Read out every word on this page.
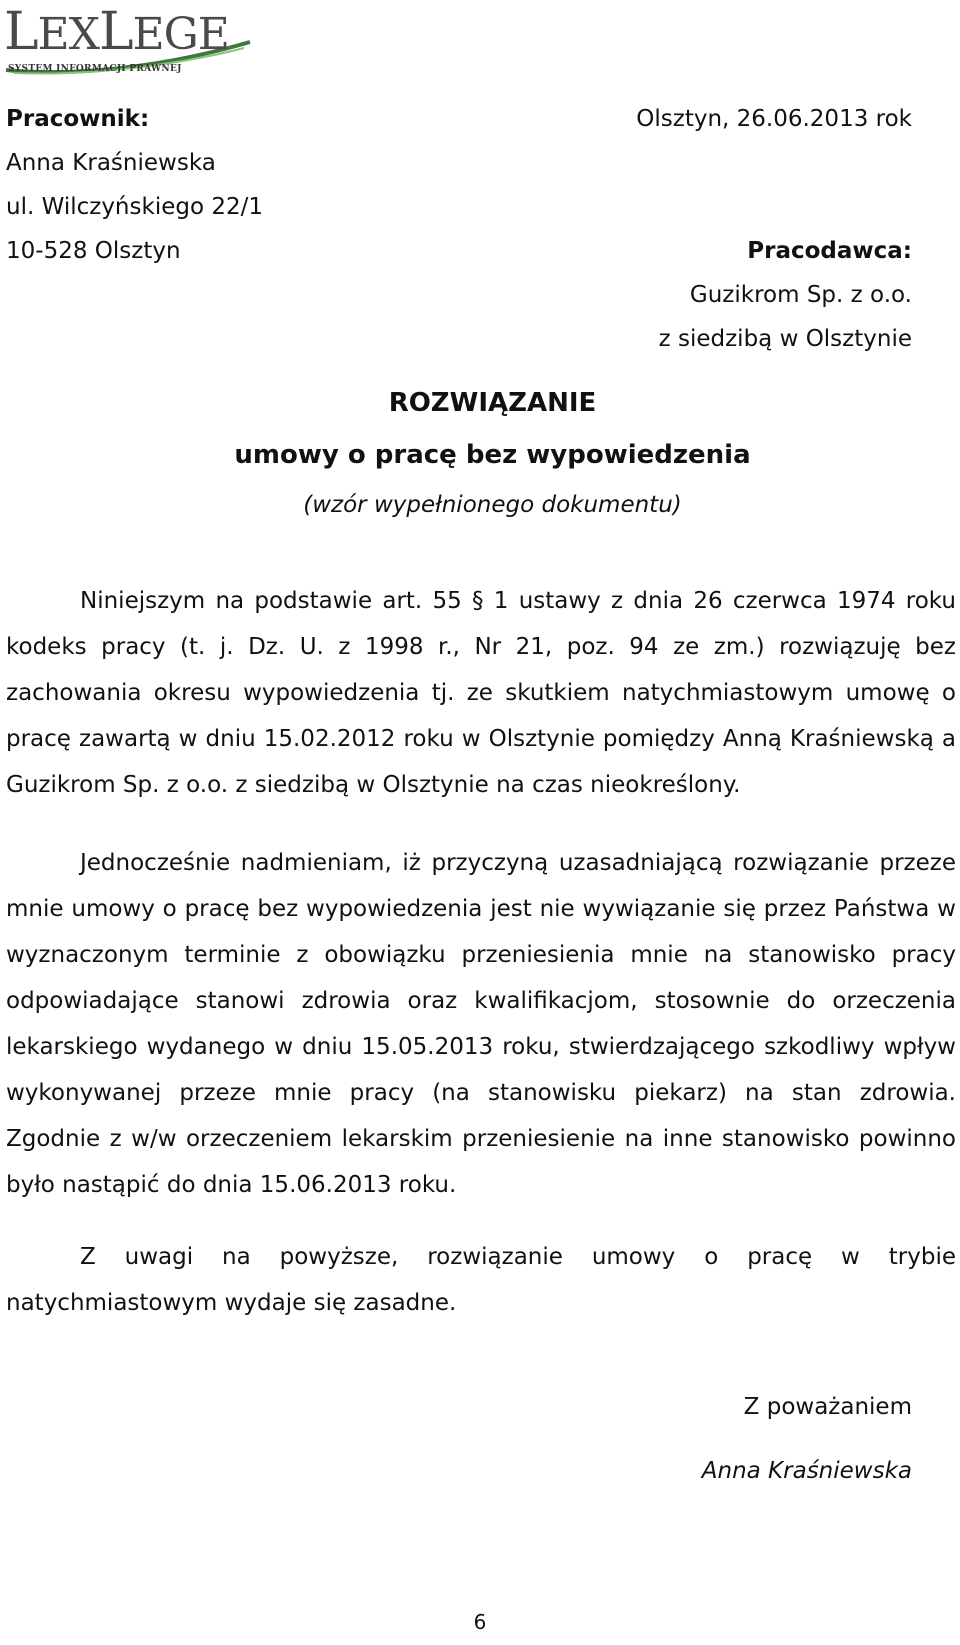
LEXLEGE
SYSTEM INFORMACJI PRAWNEJ
Pracownik:
Anna Kraśniewska
ul. Wilczyńskiego 22/1
10-528 Olsztyn
Olsztyn, 26.06.2013 rok
Pracodawca:
Guzikrom Sp. z o.o.
z siedzibą w Olsztynie
ROZWIĄZANIE
umowy o pracę bez wypowiedzenia
(wzór wypełnionego dokumentu)
Niniejszym na podstawie art. 55 § 1 ustawy z dnia 26 czerwca 1974 roku kodeks pracy (t. j. Dz. U. z 1998 r., Nr 21, poz. 94 ze zm.) rozwiązuję bez zachowania okresu wypowiedzenia tj. ze skutkiem natychmiastowym umowę o pracę zawartą w dniu 15.02.2012 roku w Olsztynie pomiędzy Anną Kraśniewską a Guzikrom Sp. z o.o. z siedzibą w Olsztynie na czas nieokreślony.
Jednocześnie nadmieniam, iż przyczyną uzasadniającą rozwiązanie przeze mnie umowy o pracę bez wypowiedzenia jest nie wywiązanie się przez Państwa w wyznaczonym terminie z obowiązku przeniesienia mnie na stanowisko pracy odpowiadające stanowi zdrowia oraz kwalifikacjom, stosownie do orzeczenia lekarskiego wydanego w dniu 15.05.2013 roku, stwierdzającego szkodliwy wpływ wykonywanej przeze mnie pracy (na stanowisku piekarz) na stan zdrowia. Zgodnie z w/w orzeczeniem lekarskim przeniesienie na inne stanowisko powinno było nastąpić do dnia 15.06.2013 roku.
Z uwagi na powyższe, rozwiązanie umowy o pracę w trybie natychmiastowym wydaje się zasadne.
Z poważaniem
Anna Kraśniewska
6
